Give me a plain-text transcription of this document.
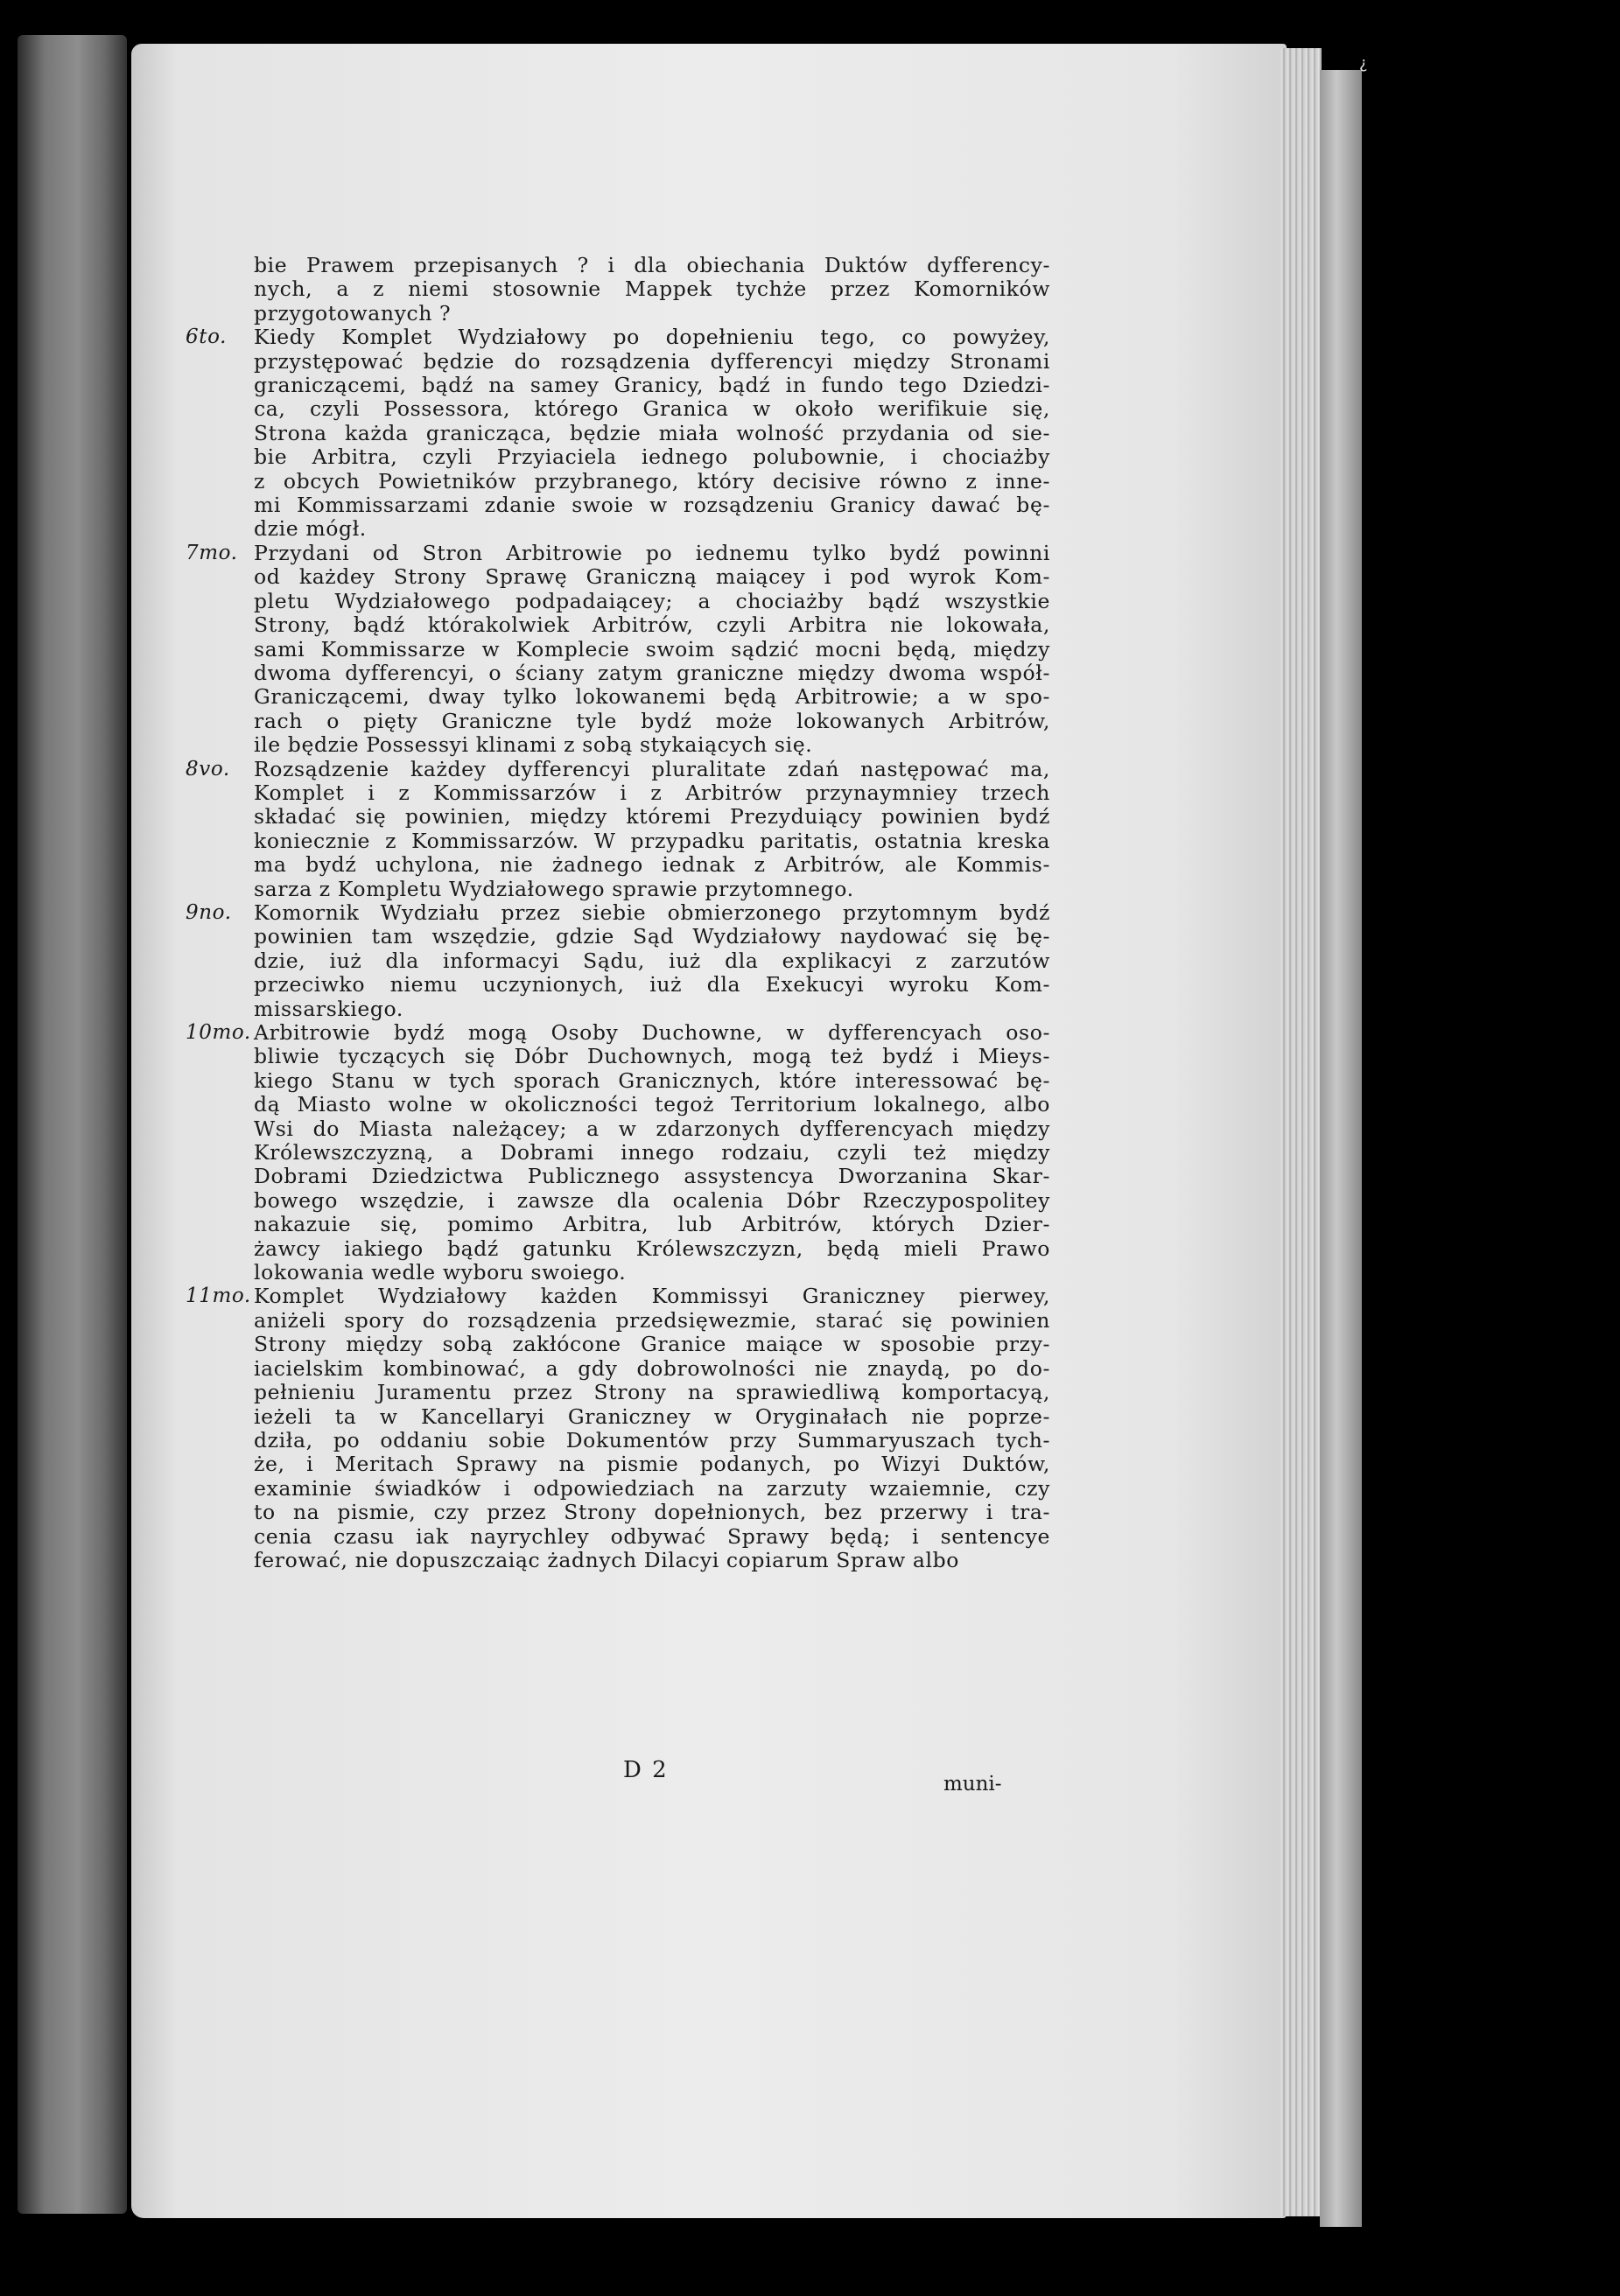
¿
bie Prawem przepisanych ? i dla obiechania Duktów dyfferency-
nych, a z niemi stosownie Mappek tychże przez Komorników
przygotowanych ?
6to. Kiedy Komplet Wydziałowy po dopełnieniu tego, co powyżey,
przystępować będzie do rozsądzenia dyfferencyi między Stronami
graniczącemi, bądź na samey Granicy, bądź in fundo tego Dziedzi-
ca, czyli Possessora, którego Granica w około werifikuie się,
Strona każda granicząca, będzie miała wolność przydania od sie-
bie Arbitra, czyli Przyiaciela iednego polubownie, i chociażby
z obcych Powietników przybranego, który decisive równo z inne-
mi Kommissarzami zdanie swoie w rozsądzeniu Granicy dawać bę-
dzie mógł.
7mo. Przydani od Stron Arbitrowie po iednemu tylko bydź powinni
od każdey Strony Sprawę Graniczną maiącey i pod wyrok Kom-
pletu Wydziałowego podpadaiącey; a chociażby bądź wszystkie
Strony, bądź którakolwiek Arbitrów, czyli Arbitra nie lokowała,
sami Kommissarze w Komplecie swoim sądzić mocni będą, między
dwoma dyfferencyi, o ściany zatym graniczne między dwoma współ-
Graniczącemi, dway tylko lokowanemi będą Arbitrowie; a w spo-
rach o pięty Graniczne tyle bydź może lokowanych Arbitrów,
ile będzie Possessyi klinami z sobą stykaiących się.
8vo. Rozsądzenie każdey dyfferencyi pluralitate zdań następować ma,
Komplet i z Kommissarzów i z Arbitrów przynaymniey trzech
składać się powinien, między któremi Prezyduiący powinien bydź
koniecznie z Kommissarzów. W przypadku paritatis, ostatnia kreska
ma bydź uchylona, nie żadnego iednak z Arbitrów, ale Kommis-
sarza z Kompletu Wydziałowego sprawie przytomnego.
9no. Komornik Wydziału przez siebie obmierzonego przytomnym bydź
powinien tam wszędzie, gdzie Sąd Wydziałowy naydować się bę-
dzie, iuż dla informacyi Sądu, iuż dla explikacyi z zarzutów
przeciwko niemu uczynionych, iuż dla Exekucyi wyroku Kom-
missarskiego.
10mo. Arbitrowie bydź mogą Osoby Duchowne, w dyfferencyach oso-
bliwie tyczących się Dóbr Duchownych, mogą też bydź i Mieys-
kiego Stanu w tych sporach Granicznych, które interessować bę-
dą Miasto wolne w okoliczności tegoż Territorium lokalnego, albo
Wsi do Miasta należącey; a w zdarzonych dyfferencyach między
Królewszczyzną, a Dobrami innego rodzaiu, czyli też między
Dobrami Dziedzictwa Publicznego assystencya Dworzanina Skar-
bowego wszędzie, i zawsze dla ocalenia Dóbr Rzeczypospolitey
nakazuie się, pomimo Arbitra, lub Arbitrów, których Dzier-
żawcy iakiego bądź gatunku Królewszczyzn, będą mieli Prawo
lokowania wedle wyboru swoiego.
11mo. Komplet Wydziałowy każden Kommissyi Graniczney pierwey,
aniżeli spory do rozsądzenia przedsięwezmie, starać się powinien
Strony między sobą zakłócone Granice maiące w sposobie przy-
iacielskim kombinować, a gdy dobrowolności nie znaydą, po do-
pełnieniu Juramentu przez Strony na sprawiedliwą komportacyą,
ieżeli ta w Kancellaryi Graniczney w Oryginałach nie poprze-
dziła, po oddaniu sobie Dokumentów przy Summaryuszach tych-
że, i Meritach Sprawy na pismie podanych, po Wizyi Duktów,
examinie świadków i odpowiedziach na zarzuty wzaiemnie, czy
to na pismie, czy przez Strony dopełnionych, bez przerwy i tra-
cenia czasu iak nayrychley odbywać Sprawy będą; i sentencye
ferować, nie dopuszczaiąc żadnych Dilacyi copiarum Spraw albo
D 2
muni-
